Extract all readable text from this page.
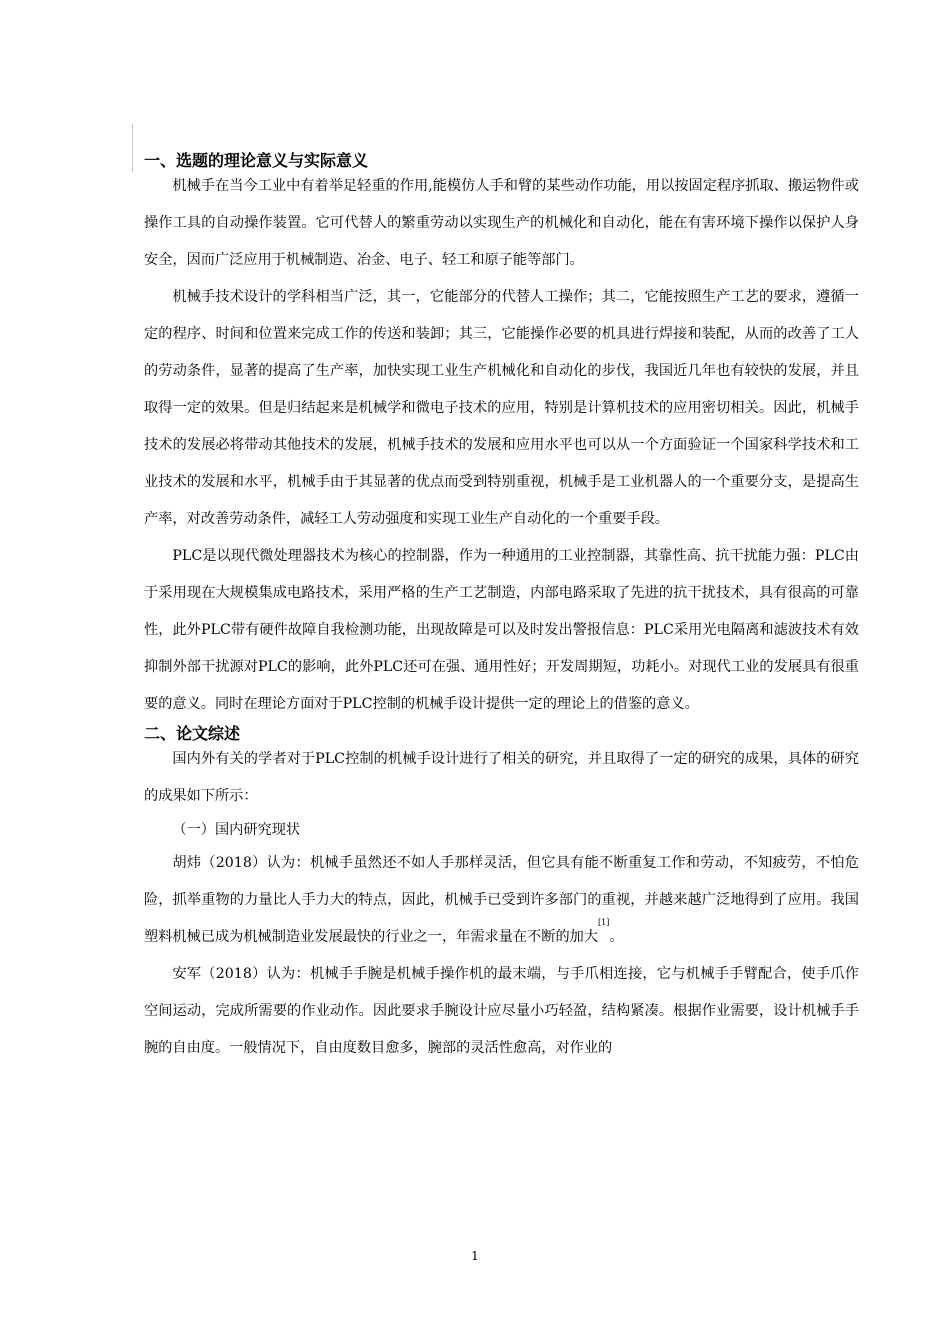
一、选题的理论意义与实际意义

机械手在当今工业中有着举足轻重的作用,能模仿人手和臂的某些动作功能，用以按固定程序抓取、搬运物件或操作工具的自动操作装置。它可代替人的繁重劳动以实现生产的机械化和自动化，能在有害环境下操作以保护人身安全，因而广泛应用于机械制造、冶金、电子、轻工和原子能等部门。

机械手技术设计的学科相当广泛，其一，它能部分的代替人工操作；其二，它能按照生产工艺的要求，遵循一定的程序、时间和位置来完成工作的传送和装卸；其三，它能操作必要的机具进行焊接和装配，从而的改善了工人的劳动条件，显著的提高了生产率，加快实现工业生产机械化和自动化的步伐，我国近几年也有较快的发展，并且取得一定的效果。但是归结起来是机械学和微电子技术的应用，特别是计算机技术的应用密切相关。因此，机械手技术的发展必将带动其他技术的发展，机械手技术的发展和应用水平也可以从一个方面验证一个国家科学技术和工业技术的发展和水平，机械手由于其显著的优点而受到特别重视，机械手是工业机器人的一个重要分支，是提高生产率，对改善劳动条件，减轻工人劳动强度和实现工业生产自动化的一个重要手段。

PLC是以现代微处理器技术为核心的控制器，作为一种通用的工业控制器，其靠性高、抗干扰能力强：PLC由于采用现在大规模集成电路技术，采用严格的生产工艺制造，内部电路采取了先进的抗干扰技术，具有很高的可靠性，此外PLC带有硬件故障自我检测功能，出现故障是可以及时发出警报信息：PLC采用光电隔离和滤波技术有效抑制外部干扰源对PLC的影响，此外PLC还可在强、通用性好；开发周期短，功耗小。对现代工业的发展具有很重要的意义。同时在理论方面对于PLC控制的机械手设计提供一定的理论上的借鉴的意义。

二、论文综述

国内外有关的学者对于PLC控制的机械手设计进行了相关的研究，并且取得了一定的研究的成果，具体的研究的成果如下所示：

（一）国内研究现状

胡炜（2018）认为：机械手虽然还不如人手那样灵活，但它具有能不断重复工作和劳动，不知疲劳，不怕危险，抓举重物的力量比人手力大的特点，因此，机械手已受到许多部门的重视，并越来越广泛地得到了应用。我国塑料机械已成为机械制造业发展最快的行业之一，年需求量在不断的加大[1]。

安军（2018）认为：机械手手腕是机械手操作机的最末端，与手爪相连接，它与机械手手臂配合，使手爪作空间运动，完成所需要的作业动作。因此要求手腕设计应尽量小巧轻盈，结构紧凑。根据作业需要，设计机械手手腕的自由度。一般情况下，自由度数目愈多，腕部的灵活性愈高，对作业的

1
